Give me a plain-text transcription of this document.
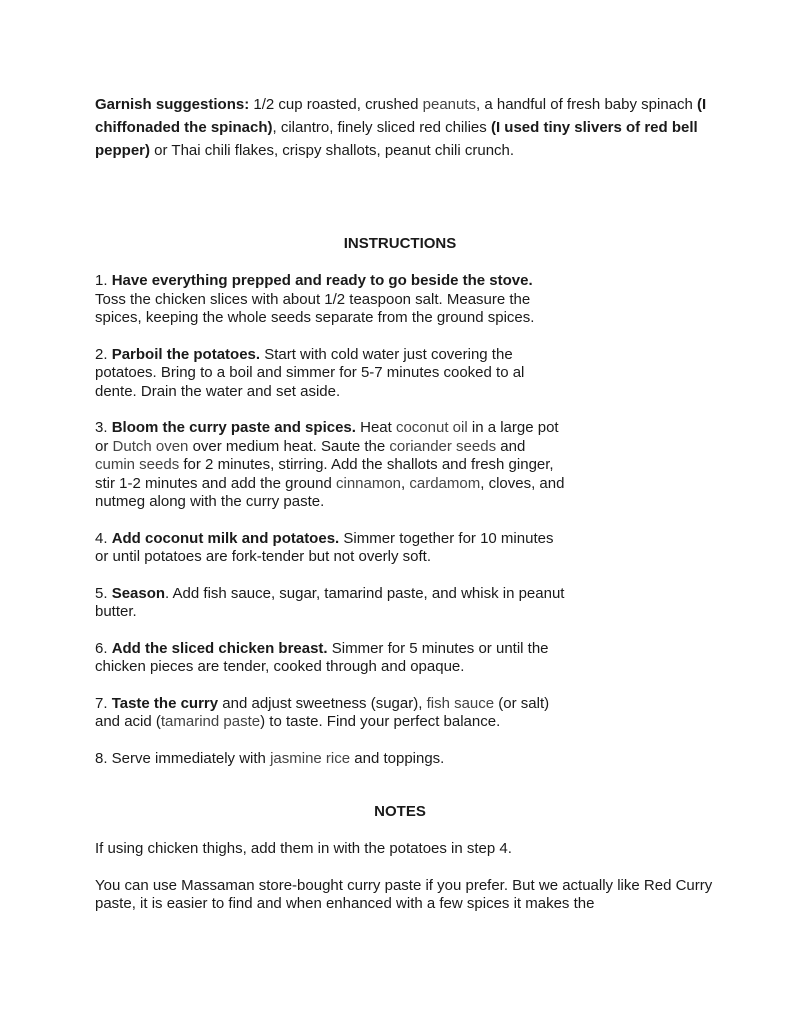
Garnish suggestions: 1/2 cup roasted, crushed peanuts, a handful of fresh baby spinach (I chiffonaded the spinach), cilantro, finely sliced red chilies (I used tiny slivers of red bell pepper) or Thai chili flakes, crispy shallots, peanut chili crunch.

INSTRUCTIONS

1. Have everything prepped and ready to go beside the stove. Toss the chicken slices with about 1/2 teaspoon salt. Measure the spices, keeping the whole seeds separate from the ground spices.

2. Parboil the potatoes. Start with cold water just covering the potatoes. Bring to a boil and simmer for 5-7 minutes cooked to al dente. Drain the water and set aside.

3. Bloom the curry paste and spices. Heat coconut oil in a large pot or Dutch oven over medium heat. Saute the coriander seeds and cumin seeds for 2 minutes, stirring. Add the shallots and fresh ginger, stir 1-2 minutes and add the ground cinnamon, cardamom, cloves, and nutmeg along with the curry paste.

4. Add coconut milk and potatoes. Simmer together for 10 minutes or until potatoes are fork-tender but not overly soft.

5. Season. Add fish sauce, sugar, tamarind paste, and whisk in peanut butter.

6. Add the sliced chicken breast. Simmer for 5 minutes or until the chicken pieces are tender, cooked through and opaque.

7. Taste the curry and adjust sweetness (sugar), fish sauce (or salt) and acid (tamarind paste) to taste. Find your perfect balance.

8. Serve immediately with jasmine rice and toppings.

NOTES

If using chicken thighs, add them in with the potatoes in step 4.

You can use Massaman store-bought curry paste if you prefer. But we actually like Red Curry paste, it is easier to find and when enhanced with a few spices it makes the
